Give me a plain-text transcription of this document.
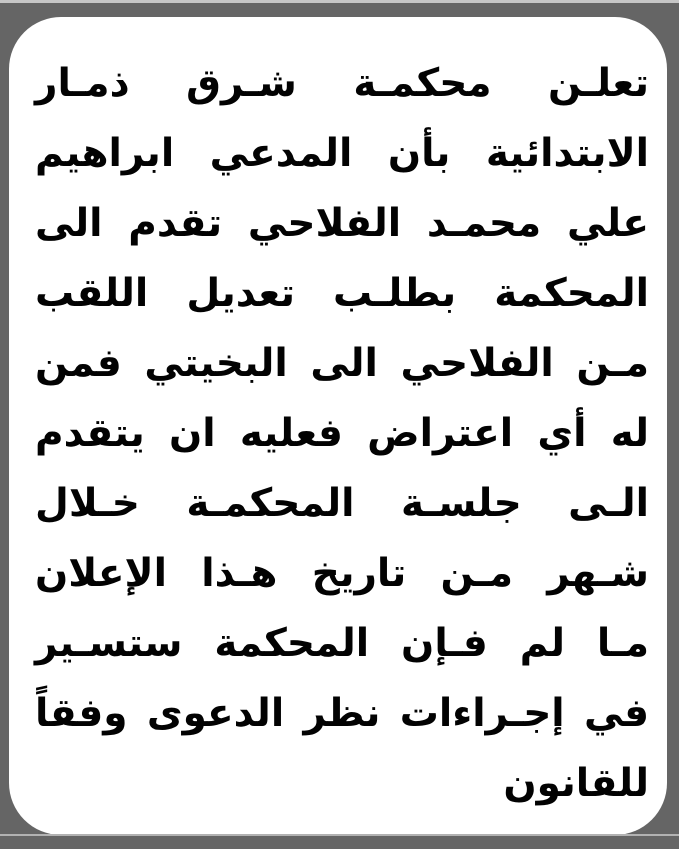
تعلـن محكمـة شـرق ذمـار
الابتدائية بأن المدعي ابراهيم
علي محمـد الفلاحي تقدم الى
المحكمة بطلـب تعديل اللقب
مـن الفلاحي الى البخيتي فمن
له أي اعتراض فعليه ان يتقدم
الـى جلسـة المحكمـة خـلال
شـهر مـن تاريخ هـذا الإعلان
مـا لم فـإن المحكمة ستسـير
في إجـراءات نظر الدعوى وفقاً
للقانون
